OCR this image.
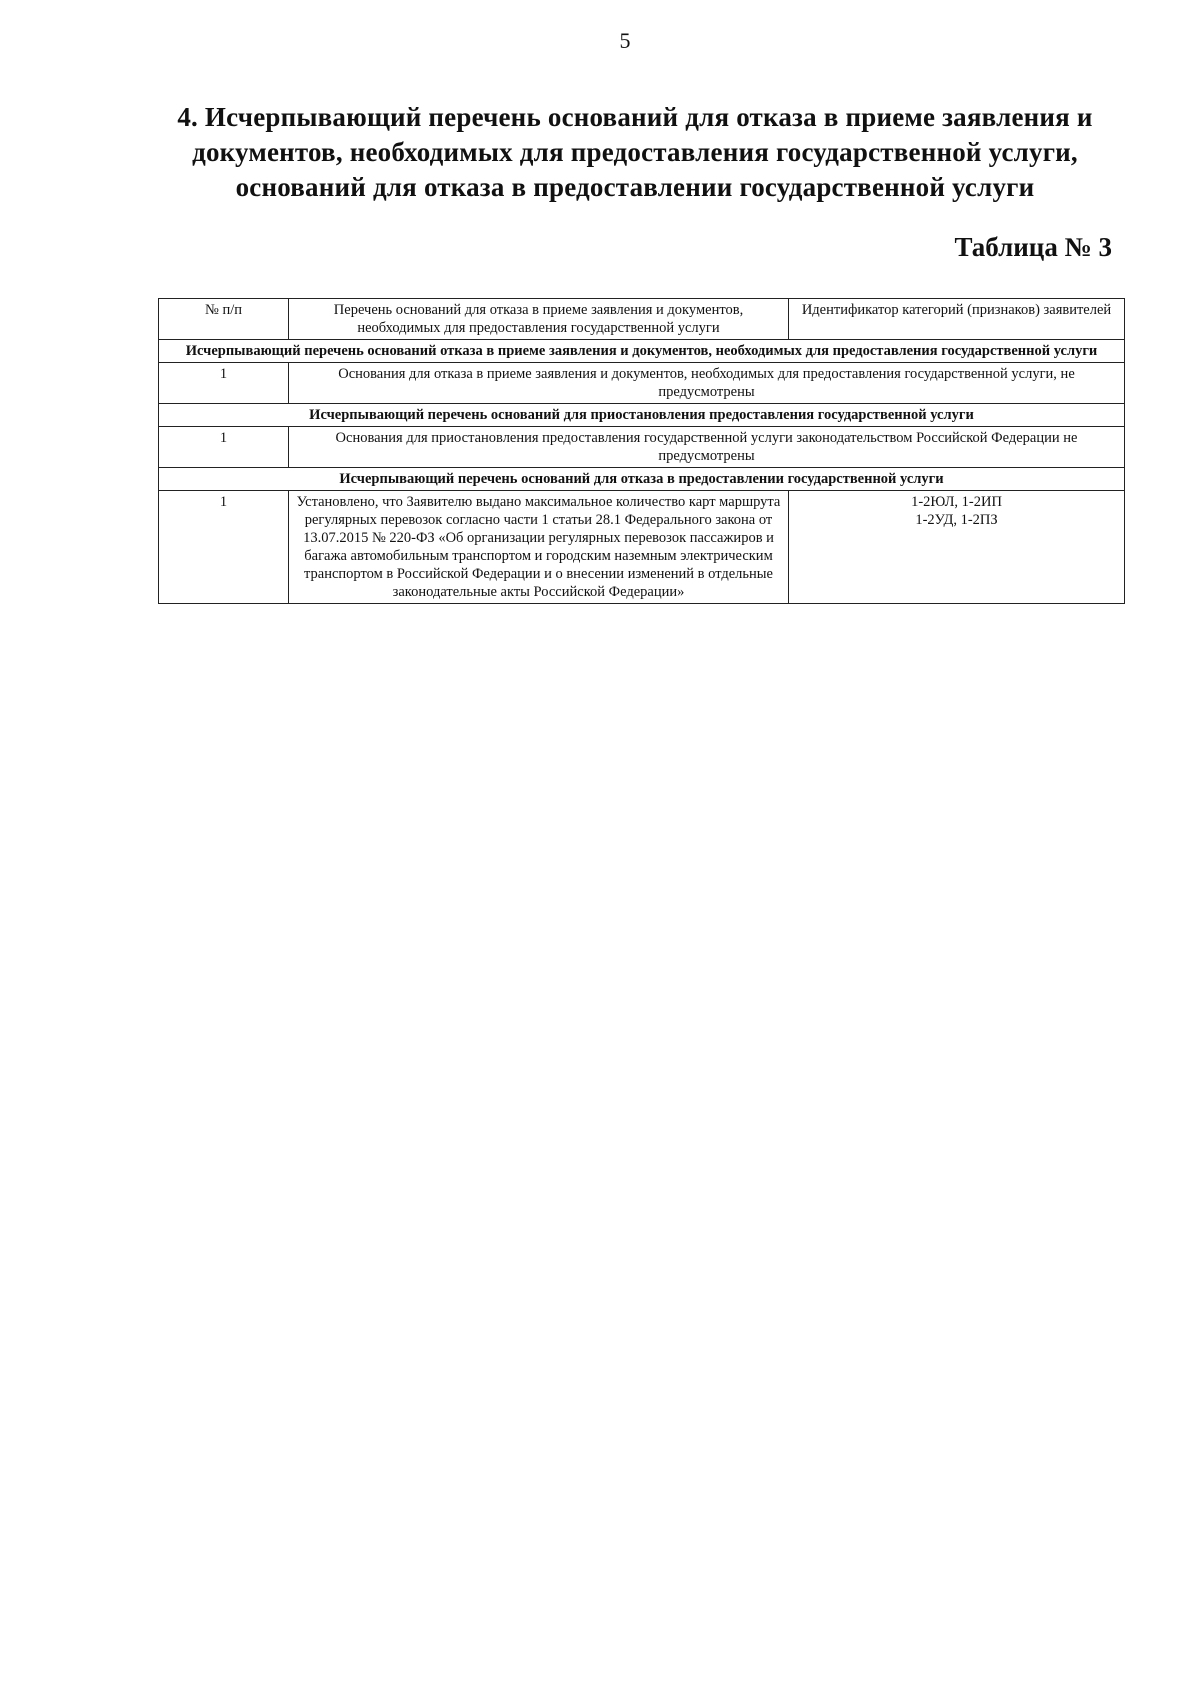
5
4. Исчерпывающий перечень оснований для отказа в приеме заявления и документов, необходимых для предоставления государственной услуги, оснований для отказа в предоставлении государственной услуги
Таблица № 3
№ п/п	Перечень оснований для отказа в приеме заявления и документов, необходимых для предоставления государственной услуги	Идентификатор категорий (признаков) заявителей
Исчерпывающий перечень оснований отказа в приеме заявления и документов, необходимых для предоставления государственной услуги		
1	Основания для отказа в приеме заявления и документов, необходимых для предоставления государственной услуги, не предусмотрены	
Исчерпывающий перечень оснований для приостановления предоставления государственной услуги		
1	Основания для приостановления предоставления государственной услуги законодательством Российской Федерации не предусмотрены	
Исчерпывающий перечень оснований для отказа в предоставлении государственной услуги		
1	Установлено, что Заявителю выдано максимальное количество карт маршрута регулярных перевозок согласно части 1 статьи 28.1 Федерального закона от 13.07.2015 № 220-ФЗ «Об организации регулярных перевозок пассажиров и багажа автомобильным транспортом и городским наземным электрическим транспортом в Российской Федерации и о внесении изменений в отдельные законодательные акты Российской Федерации»	1-2ЮЛ, 1-2ИП
1-2УД, 1-2ПЗ
